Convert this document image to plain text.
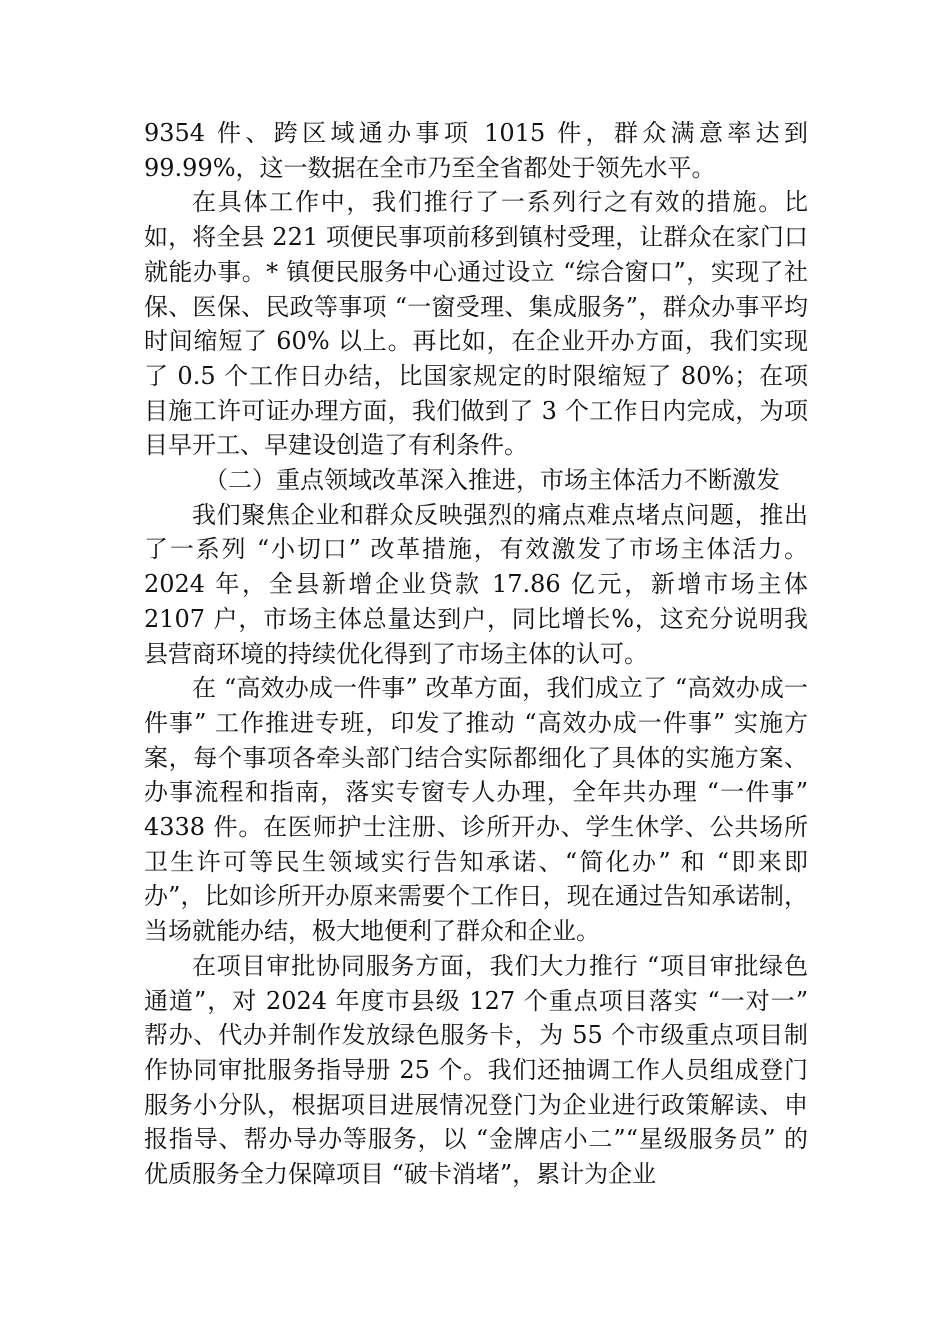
9354 件、跨区域通办事项 1015 件，群众满意率达到 99.99%，这一数据在全市乃至全省都处于领先水平。

在具体工作中，我们推行了一系列行之有效的措施。比如，将全县 221 项便民事项前移到镇村受理，让群众在家门口就能办事。* 镇便民服务中心通过设立 “综合窗口”，实现了社保、医保、民政等事项 “一窗受理、集成服务”，群众办事平均时间缩短了 60% 以上。再比如，在企业开办方面，我们实现了 0.5 个工作日办结，比国家规定的时限缩短了 80%；在项目施工许可证办理方面，我们做到了 3 个工作日内完成，为项目早开工、早建设创造了有利条件。

（二）重点领域改革深入推进，市场主体活力不断激发

我们聚焦企业和群众反映强烈的痛点难点堵点问题，推出了一系列 “小切口” 改革措施，有效激发了市场主体活力。2024 年，全县新增企业贷款 17.86 亿元，新增市场主体 2107 户，市场主体总量达到户，同比增长%，这充分说明我县营商环境的持续优化得到了市场主体的认可。

在 “高效办成一件事” 改革方面，我们成立了 “高效办成一件事” 工作推进专班，印发了推动 “高效办成一件事” 实施方案，每个事项各牵头部门结合实际都细化了具体的实施方案、办事流程和指南，落实专窗专人办理，全年共办理 “一件事” 4338 件。在医师护士注册、诊所开办、学生休学、公共场所卫生许可等民生领域实行告知承诺、“简化办” 和 “即来即办”，比如诊所开办原来需要个工作日，现在通过告知承诺制，当场就能办结，极大地便利了群众和企业。

在项目审批协同服务方面，我们大力推行 “项目审批绿色通道”，对 2024 年度市县级 127 个重点项目落实 “一对一” 帮办、代办并制作发放绿色服务卡，为 55 个市级重点项目制作协同审批服务指导册 25 个。我们还抽调工作人员组成登门服务小分队，根据项目进展情况登门为企业进行政策解读、申报指导、帮办导办等服务，以 “金牌店小二”“星级服务员” 的优质服务全力保障项目 “破卡消堵”，累计为企业
